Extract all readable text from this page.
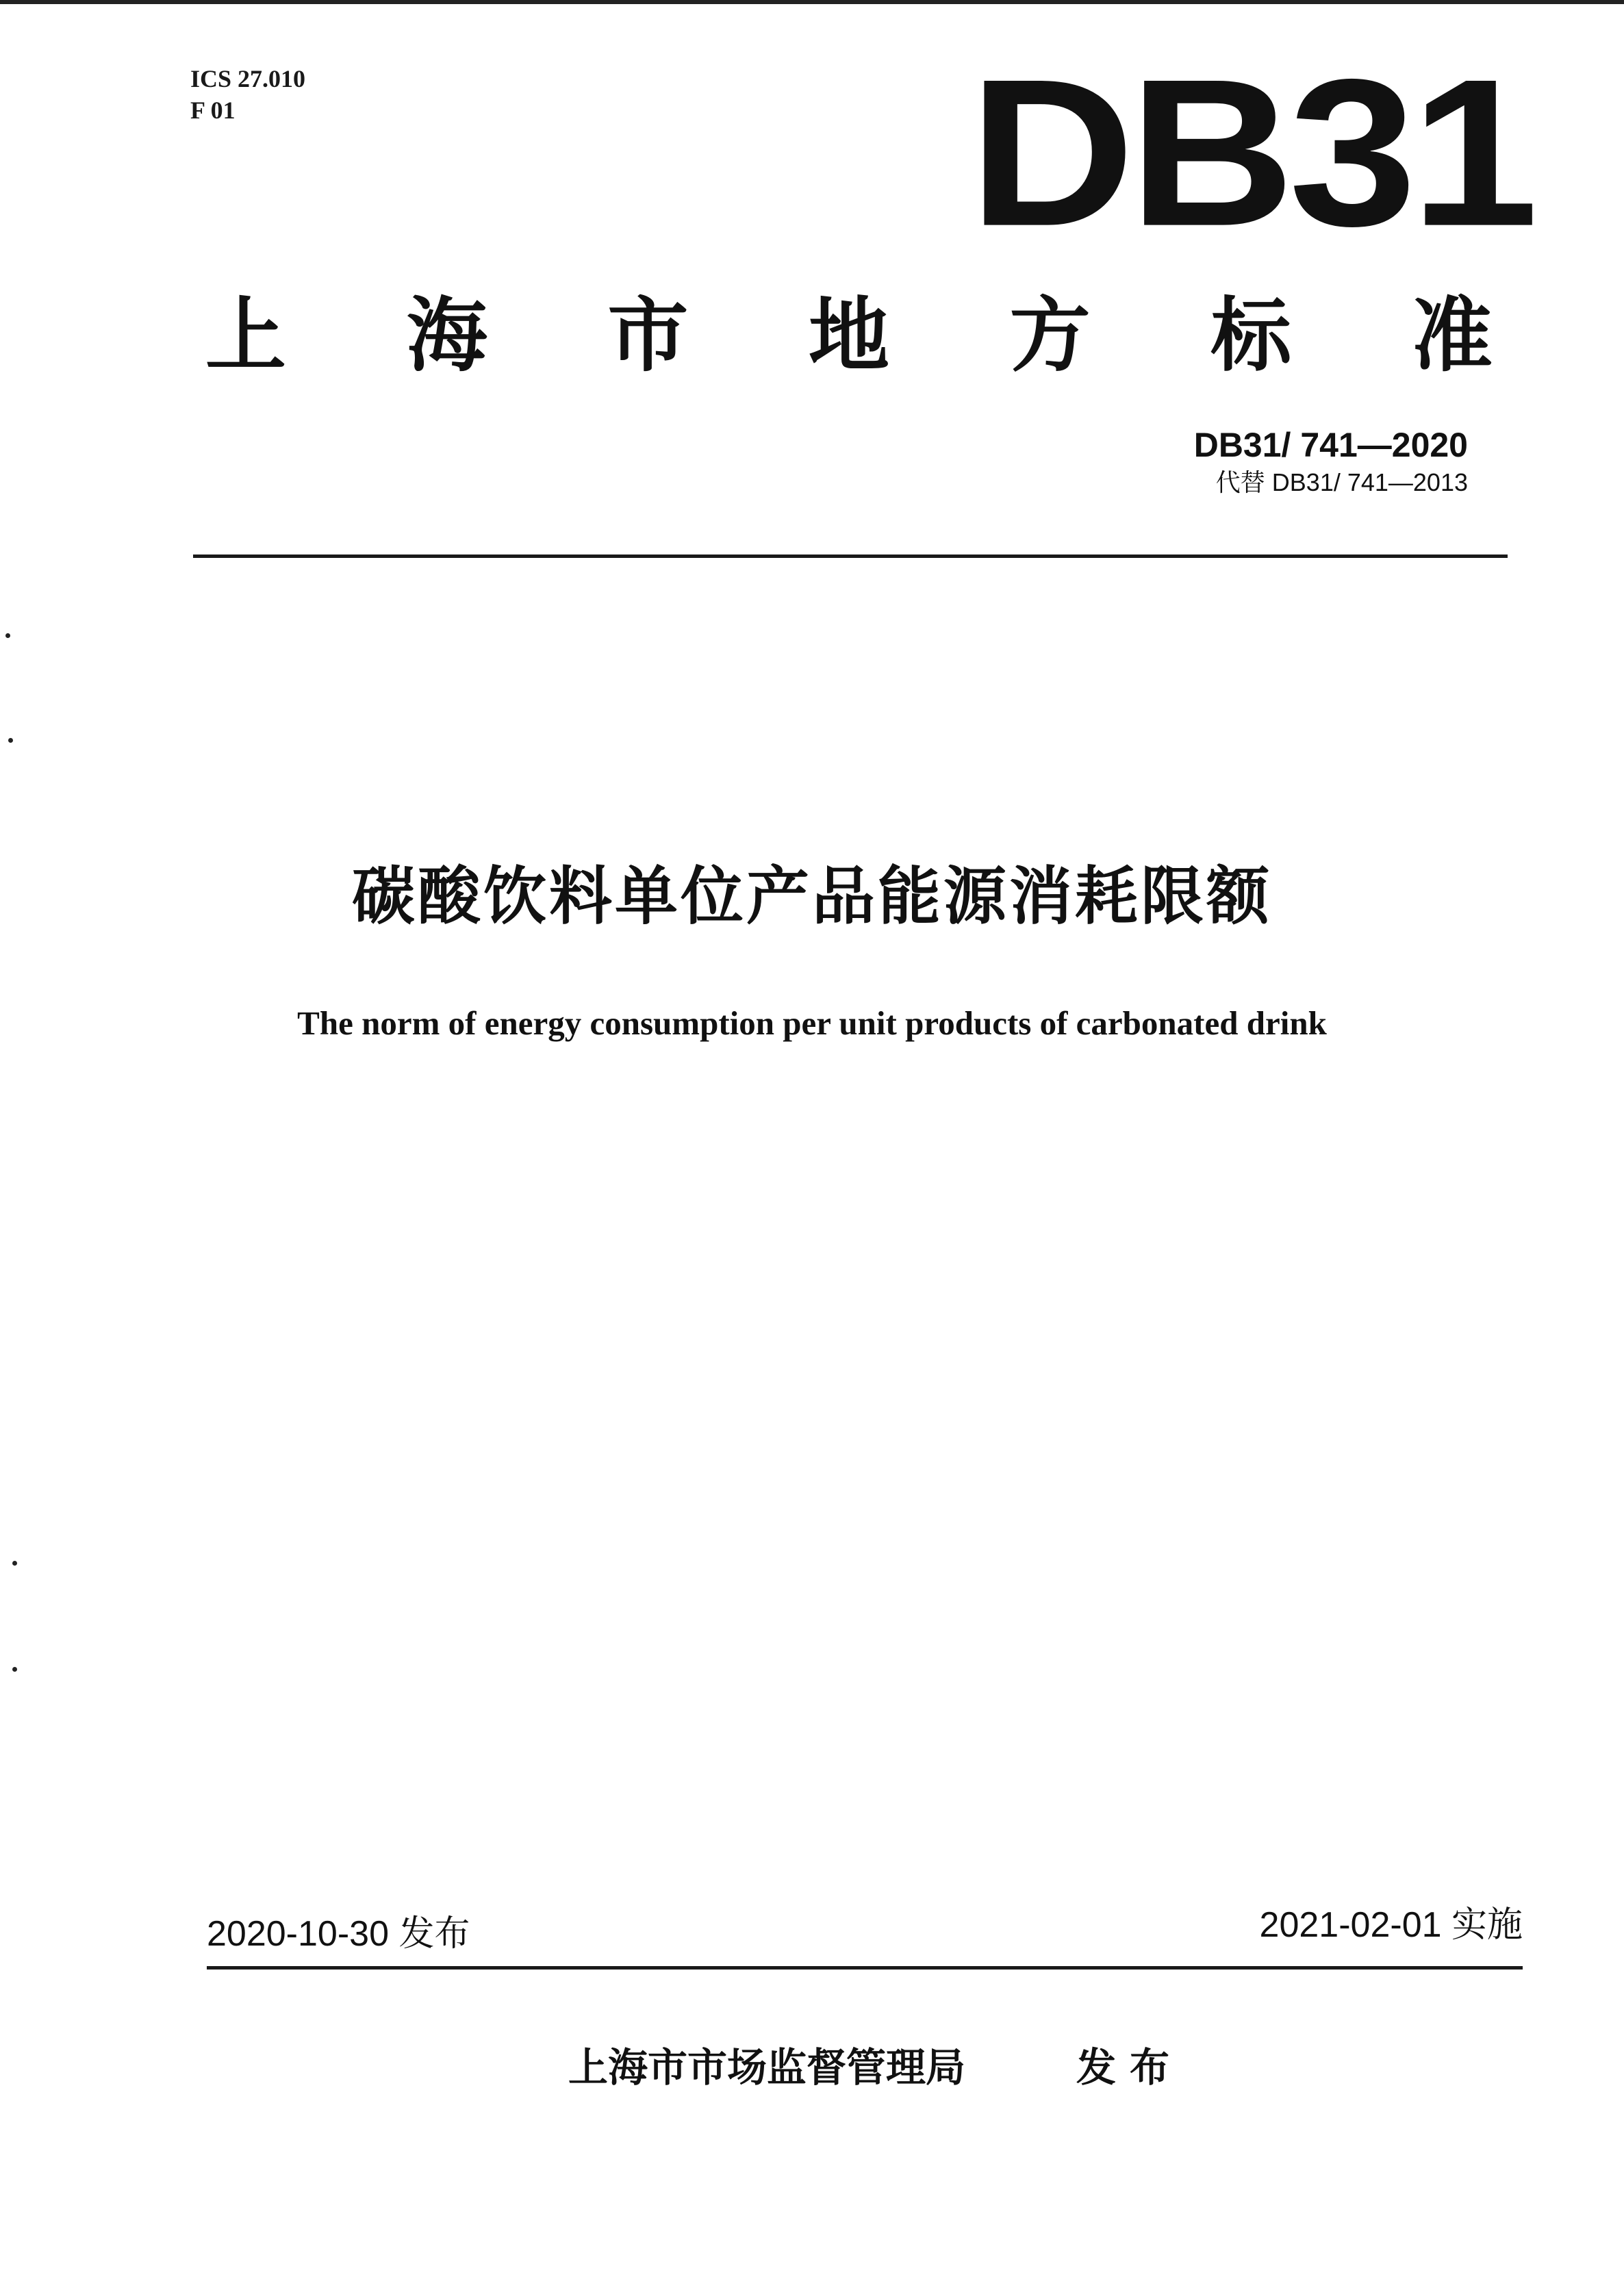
ICS 27.010
F 01	DB31
上 海 市 地 方 标 准
DB31/ 741—2020
代替 DB31/ 741—2013
碳酸饮料单位产品能源消耗限额
The norm of energy consumption per unit products of carbonated drink
2020-10-30 发布	2021-02-01 实施
上海市市场监督管理局	发布
